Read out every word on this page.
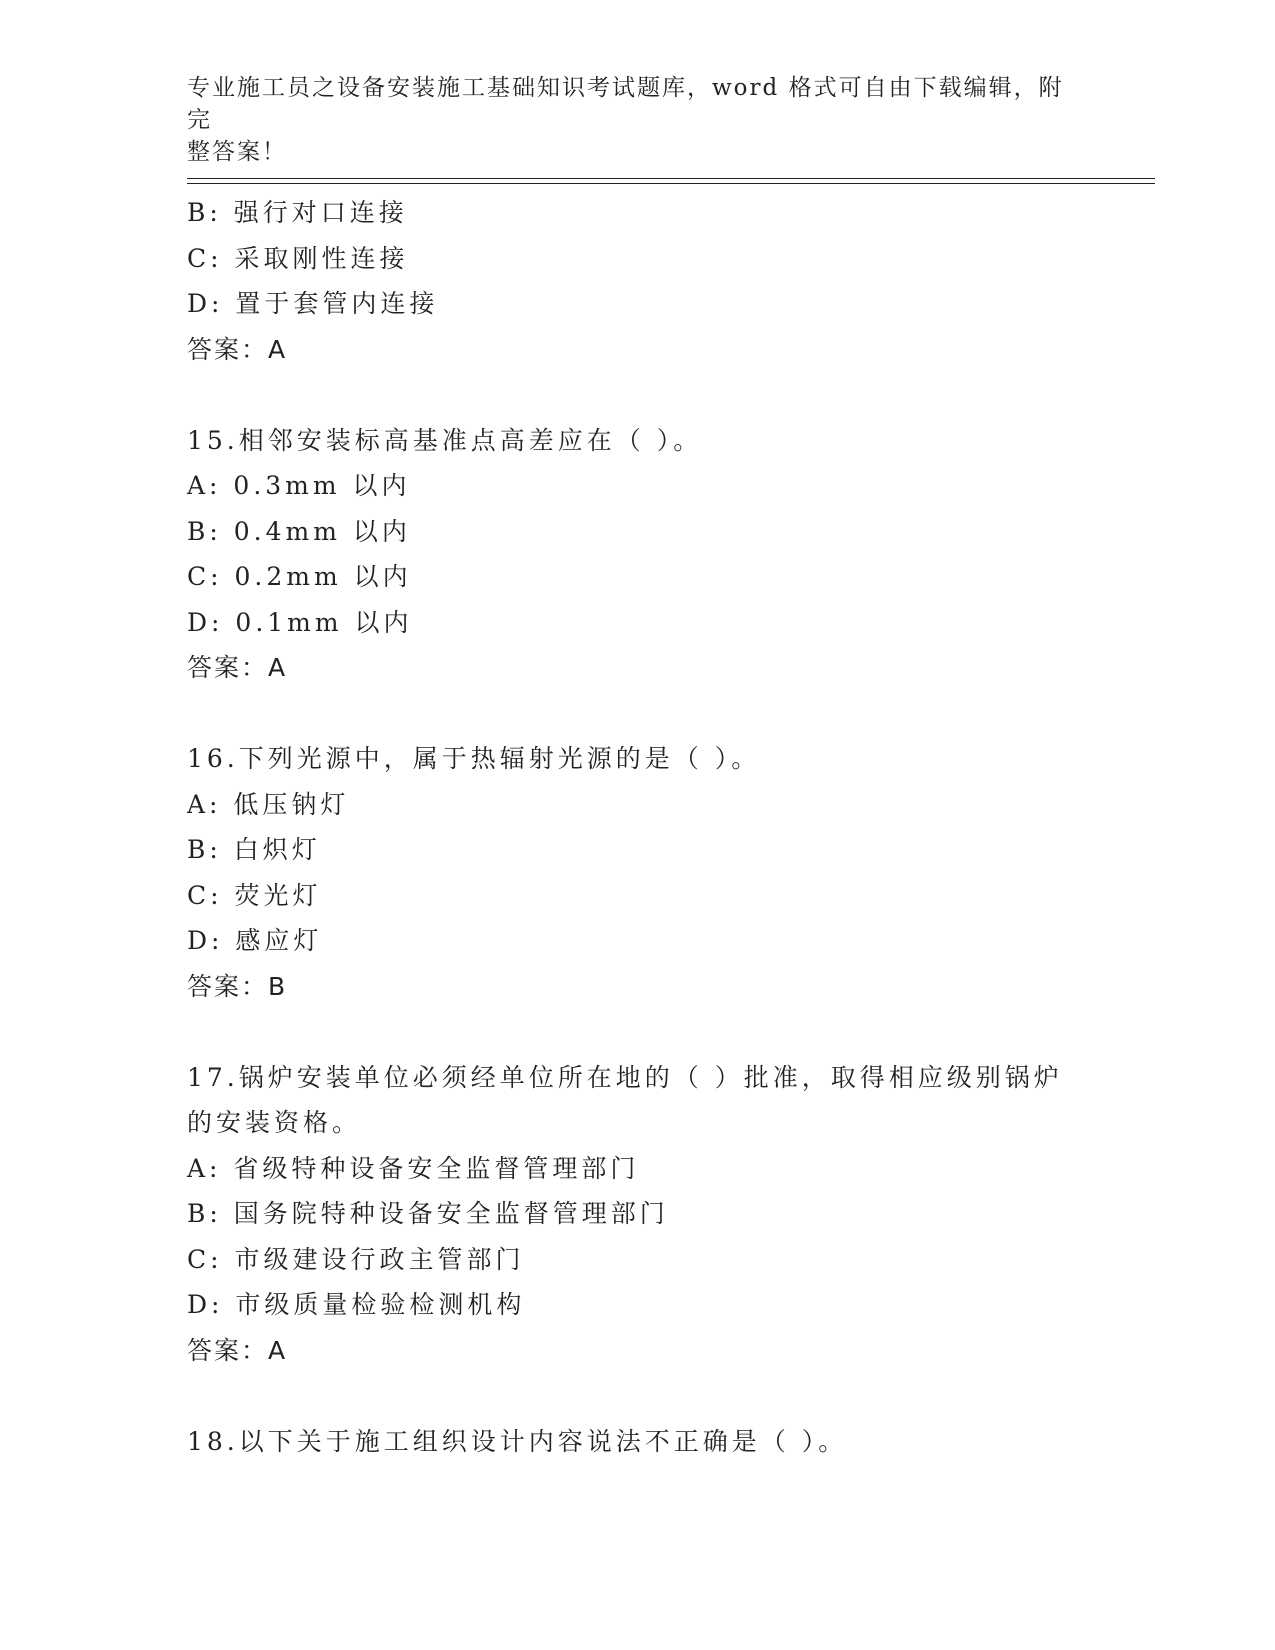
专业施工员之设备安装施工基础知识考试题库，word 格式可自由下载编辑，附完
整答案！
B: 强行对口连接
C: 采取刚性连接
D: 置于套管内连接
答案：A
15.相邻安装标高基准点高差应在（ ）。
A: 0.3mm 以内
B: 0.4mm 以内
C: 0.2mm 以内
D: 0.1mm 以内
答案：A
16.下列光源中，属于热辐射光源的是（ ）。
A: 低压钠灯
B: 白炽灯
C: 荧光灯
D: 感应灯
答案：B
17.锅炉安装单位必须经单位所在地的（ ）批准，取得相应级别锅炉
的安装资格。
A: 省级特种设备安全监督管理部门
B: 国务院特种设备安全监督管理部门
C: 市级建设行政主管部门
D: 市级质量检验检测机构
答案：A
18.以下关于施工组织设计内容说法不正确是（ ）。
